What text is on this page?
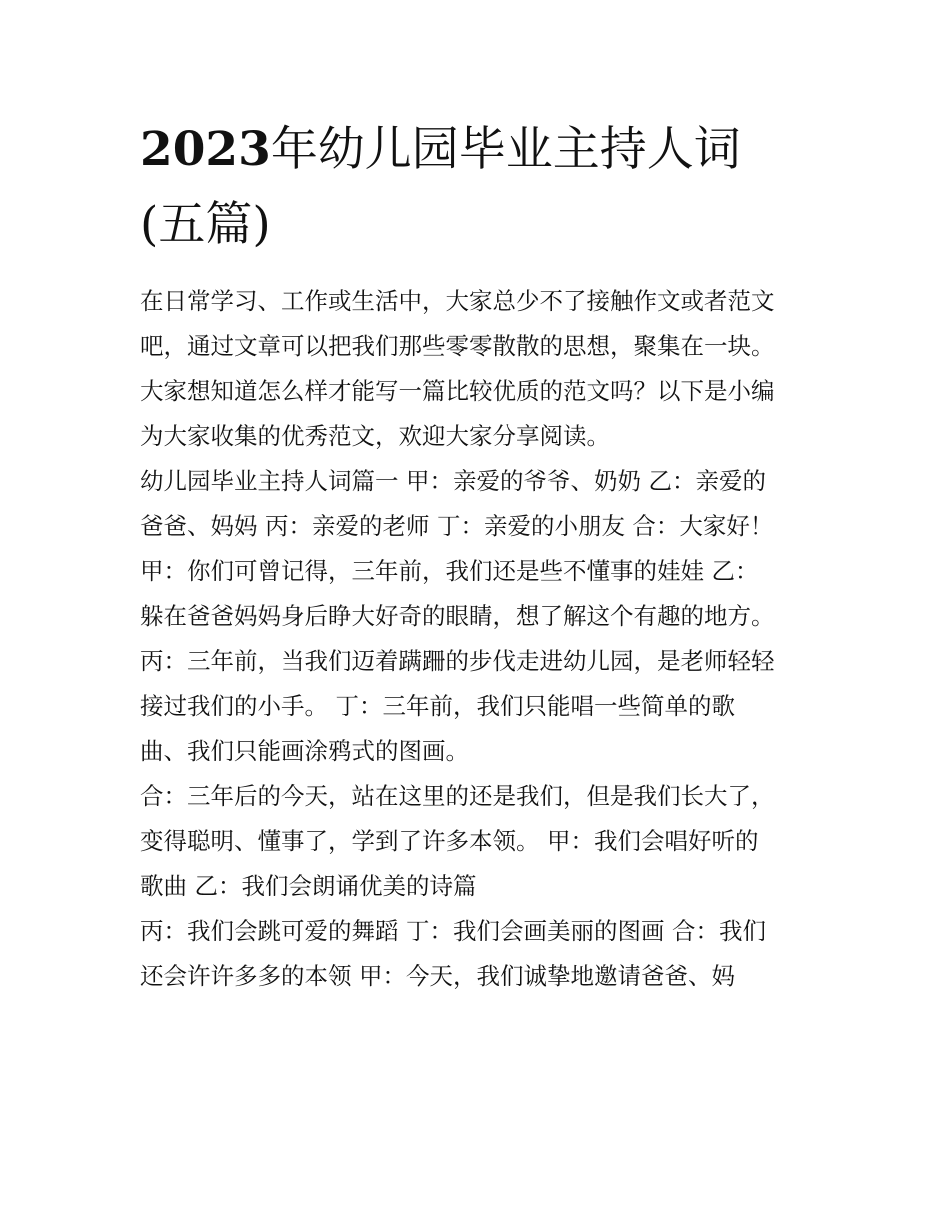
2023年幼儿园毕业主持人词
(五篇)

在日常学习、工作或生活中，大家总少不了接触作文或者范文

吧，通过文章可以把我们那些零零散散的思想，聚集在一块。

大家想知道怎么样才能写一篇比较优质的范文吗？以下是小编

为大家收集的优秀范文，欢迎大家分享阅读。

幼儿园毕业主持人词篇一 甲：亲爱的爷爷、奶奶 乙：亲爱的

爸爸、妈妈 丙：亲爱的老师 丁：亲爱的小朋友 合：大家好！

甲：你们可曾记得，三年前，我们还是些不懂事的娃娃 乙：

躲在爸爸妈妈身后睁大好奇的眼睛，想了解这个有趣的地方。

丙：三年前，当我们迈着蹒跚的步伐走进幼儿园，是老师轻轻

接过我们的小手。 丁：三年前，我们只能唱一些简单的歌

曲、我们只能画涂鸦式的图画。

合：三年后的今天，站在这里的还是我们，但是我们长大了，

变得聪明、懂事了，学到了许多本领。 甲：我们会唱好听的

歌曲 乙：我们会朗诵优美的诗篇

丙：我们会跳可爱的舞蹈 丁：我们会画美丽的图画 合：我们

还会许许多多的本领 甲：今天，我们诚挚地邀请爸爸、妈
